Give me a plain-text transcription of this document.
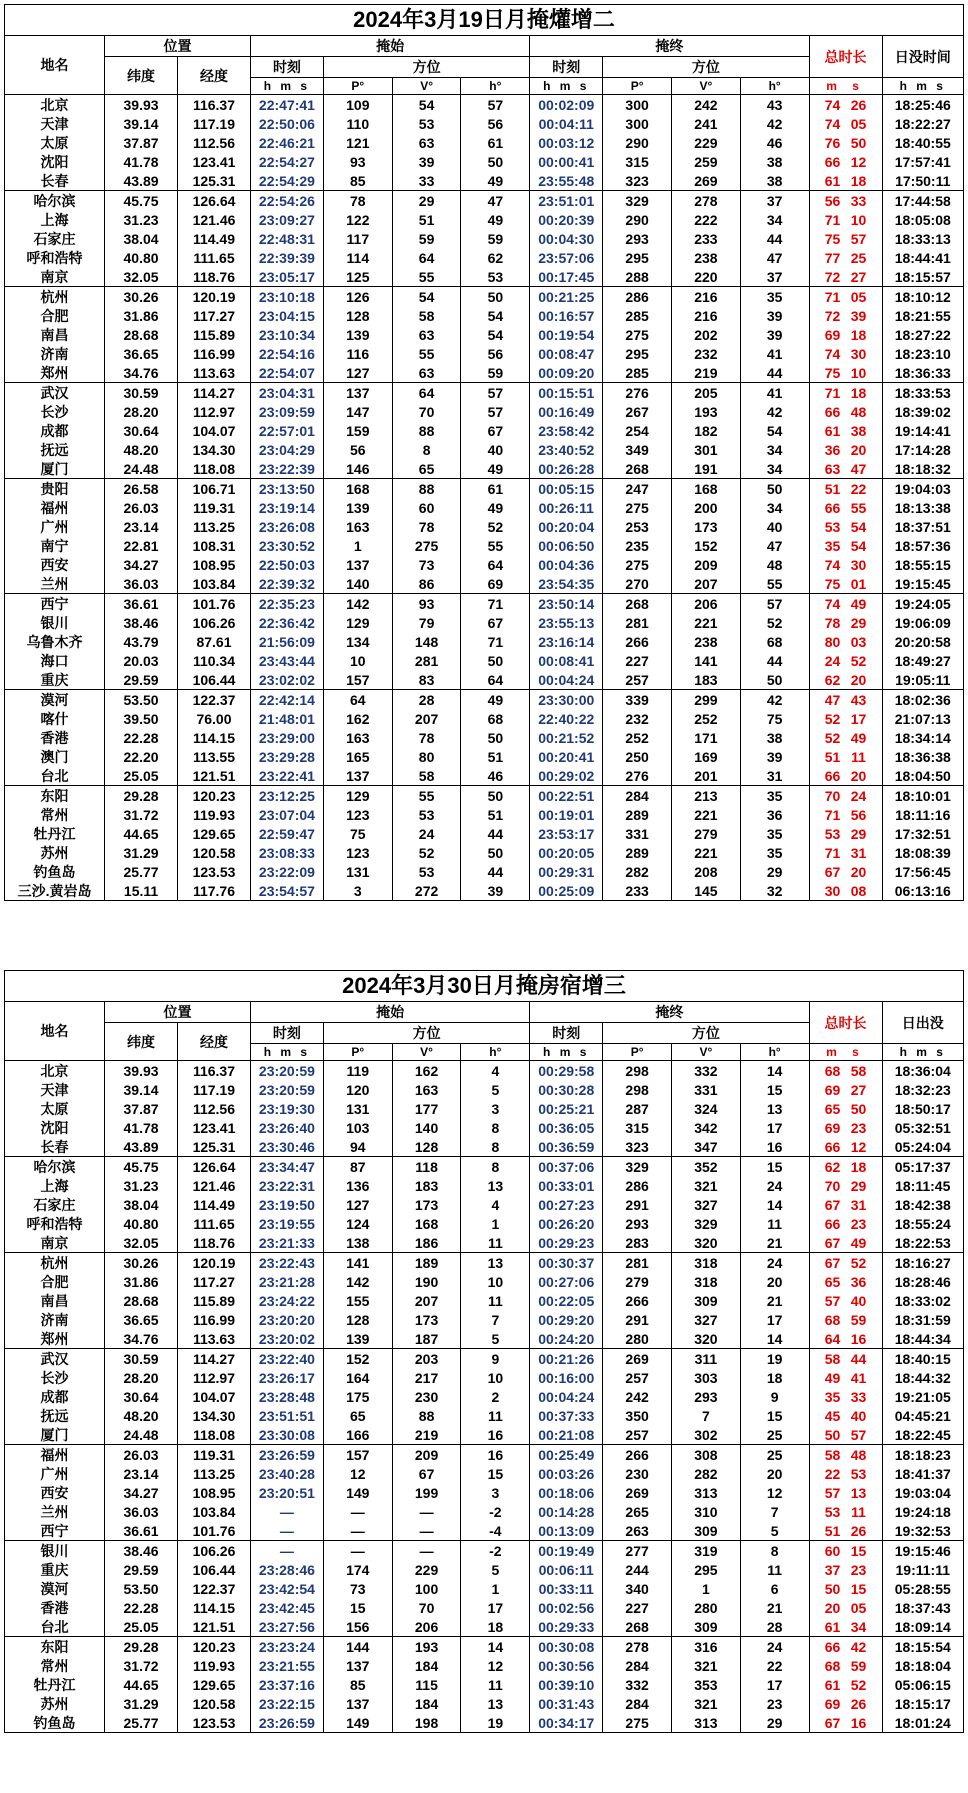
2024年3月19日月掩爟增二												
地名	位置		掩始				掩终				总时长	日没时间
	纬度	经度	时刻	方位			时刻	方位				
			h m s	P°	V°	h°	h m s	P°	V°	h°	m s	h m s
北京	39.93	116.37	22:47:41	109	54	57	00:02:09	300	242	43	74 26	18:25:46
天津	39.14	117.19	22:50:06	110	53	56	00:04:11	300	241	42	74 05	18:22:27
太原	37.87	112.56	22:46:21	121	63	61	00:03:12	290	229	46	76 50	18:40:55
沈阳	41.78	123.41	22:54:27	93	39	50	00:00:41	315	259	38	66 12	17:57:41
长春	43.89	125.31	22:54:29	85	33	49	23:55:48	323	269	38	61 18	17:50:11
哈尔滨	45.75	126.64	22:54:26	78	29	47	23:51:01	329	278	37	56 33	17:44:58
上海	31.23	121.46	23:09:27	122	51	49	00:20:39	290	222	34	71 10	18:05:08
石家庄	38.04	114.49	22:48:31	117	59	59	00:04:30	293	233	44	75 57	18:33:13
呼和浩特	40.80	111.65	22:39:39	114	64	62	23:57:06	295	238	47	77 25	18:44:41
南京	32.05	118.76	23:05:17	125	55	53	00:17:45	288	220	37	72 27	18:15:57
杭州	30.26	120.19	23:10:18	126	54	50	00:21:25	286	216	35	71 05	18:10:12
合肥	31.86	117.27	23:04:15	128	58	54	00:16:57	285	216	39	72 39	18:21:55
南昌	28.68	115.89	23:10:34	139	63	54	00:19:54	275	202	39	69 18	18:27:22
济南	36.65	116.99	22:54:16	116	55	56	00:08:47	295	232	41	74 30	18:23:10
郑州	34.76	113.63	22:54:07	127	63	59	00:09:20	285	219	44	75 10	18:36:33
武汉	30.59	114.27	23:04:31	137	64	57	00:15:51	276	205	41	71 18	18:33:53
长沙	28.20	112.97	23:09:59	147	70	57	00:16:49	267	193	42	66 48	18:39:02
成都	30.64	104.07	22:57:01	159	88	67	23:58:42	254	182	54	61 38	19:14:41
抚远	48.20	134.30	23:04:29	56	8	40	23:40:52	349	301	34	36 20	17:14:28
厦门	24.48	118.08	23:22:39	146	65	49	00:26:28	268	191	34	63 47	18:18:32
贵阳	26.58	106.71	23:13:50	168	88	61	00:05:15	247	168	50	51 22	19:04:03
福州	26.03	119.31	23:19:14	139	60	49	00:26:11	275	200	34	66 55	18:13:38
广州	23.14	113.25	23:26:08	163	78	52	00:20:04	253	173	40	53 54	18:37:51
南宁	22.81	108.31	23:30:52	1	275	55	00:06:50	235	152	47	35 54	18:57:36
西安	34.27	108.95	22:50:03	137	73	64	00:04:36	275	209	48	74 30	18:55:15
兰州	36.03	103.84	22:39:32	140	86	69	23:54:35	270	207	55	75 01	19:15:45
西宁	36.61	101.76	22:35:23	142	93	71	23:50:14	268	206	57	74 49	19:24:05
银川	38.46	106.26	22:36:42	129	79	67	23:55:13	281	221	52	78 29	19:06:09
乌鲁木齐	43.79	87.61	21:56:09	134	148	71	23:16:14	266	238	68	80 03	20:20:58
海口	20.03	110.34	23:43:44	10	281	50	00:08:41	227	141	44	24 52	18:49:27
重庆	29.59	106.44	23:02:02	157	83	64	00:04:24	257	183	50	62 20	19:05:11
漠河	53.50	122.37	22:42:14	64	28	49	23:30:00	339	299	42	47 43	18:02:36
喀什	39.50	76.00	21:48:01	162	207	68	22:40:22	232	252	75	52 17	21:07:13
香港	22.28	114.15	23:29:00	163	78	50	00:21:52	252	171	38	52 49	18:34:14
澳门	22.20	113.55	23:29:28	165	80	51	00:20:41	250	169	39	51 11	18:36:38
台北	25.05	121.51	23:22:41	137	58	46	00:29:02	276	201	31	66 20	18:04:50
东阳	29.28	120.23	23:12:25	129	55	50	00:22:51	284	213	35	70 24	18:10:01
常州	31.72	119.93	23:07:04	123	53	51	00:19:01	289	221	36	71 56	18:11:16
牡丹江	44.65	129.65	22:59:47	75	24	44	23:53:17	331	279	35	53 29	17:32:51
苏州	31.29	120.58	23:08:33	123	52	50	00:20:05	289	221	35	71 31	18:08:39
钓鱼岛	25.77	123.53	23:22:09	131	53	44	00:29:31	282	208	29	67 20	17:56:45
三沙.黄岩岛	15.11	117.76	23:54:57	3	272	39	00:25:09	233	145	32	30 08	06:13:16
2024年3月30日月掩房宿增三												
地名	位置		掩始				掩终				总时长	日出没
	纬度	经度	时刻	方位			时刻	方位				
			h m s	P°	V°	h°	h m s	P°	V°	h°	m s	h m s
北京	39.93	116.37	23:20:59	119	162	4	00:29:58	298	332	14	68 58	18:36:04
天津	39.14	117.19	23:20:59	120	163	5	00:30:28	298	331	15	69 27	18:32:23
太原	37.87	112.56	23:19:30	131	177	3	00:25:21	287	324	13	65 50	18:50:17
沈阳	41.78	123.41	23:26:40	103	140	8	00:36:05	315	342	17	69 23	05:32:51
长春	43.89	125.31	23:30:46	94	128	8	00:36:59	323	347	16	66 12	05:24:04
哈尔滨	45.75	126.64	23:34:47	87	118	8	00:37:06	329	352	15	62 18	05:17:37
上海	31.23	121.46	23:22:31	136	183	13	00:33:01	286	321	24	70 29	18:11:45
石家庄	38.04	114.49	23:19:50	127	173	4	00:27:23	291	327	14	67 31	18:42:38
呼和浩特	40.80	111.65	23:19:55	124	168	1	00:26:20	293	329	11	66 23	18:55:24
南京	32.05	118.76	23:21:33	138	186	11	00:29:23	283	320	21	67 49	18:22:53
杭州	30.26	120.19	23:22:43	141	189	13	00:30:37	281	318	24	67 52	18:16:27
合肥	31.86	117.27	23:21:28	142	190	10	00:27:06	279	318	20	65 36	18:28:46
南昌	28.68	115.89	23:24:22	155	207	11	00:22:05	266	309	21	57 40	18:33:02
济南	36.65	116.99	23:20:20	128	173	7	00:29:20	291	327	17	68 59	18:31:59
郑州	34.76	113.63	23:20:02	139	187	5	00:24:20	280	320	14	64 16	18:44:34
武汉	30.59	114.27	23:22:40	152	203	9	00:21:26	269	311	19	58 44	18:40:15
长沙	28.20	112.97	23:26:17	164	217	10	00:16:00	257	303	18	49 41	18:44:32
成都	30.64	104.07	23:28:48	175	230	2	00:04:24	242	293	9	35 33	19:21:05
抚远	48.20	134.30	23:51:51	65	88	11	00:37:33	350	7	15	45 40	04:45:21
厦门	24.48	118.08	23:30:08	166	219	16	00:21:08	257	302	25	50 57	18:22:45
福州	26.03	119.31	23:26:59	157	209	16	00:25:49	266	308	25	58 48	18:18:23
广州	23.14	113.25	23:40:28	12	67	15	00:03:26	230	282	20	22 53	18:41:37
西安	34.27	108.95	23:20:51	149	199	3	00:18:06	269	313	12	57 13	19:03:04
兰州	36.03	103.84	—	—	—	-2	00:14:28	265	310	7	53 11	19:24:18
西宁	36.61	101.76	—	—	—	-4	00:13:09	263	309	5	51 26	19:32:53
银川	38.46	106.26	—	—	—	-2	00:19:49	277	319	8	60 15	19:15:46
重庆	29.59	106.44	23:28:46	174	229	5	00:06:11	244	295	11	37 23	19:11:11
漠河	53.50	122.37	23:42:54	73	100	1	00:33:11	340	1	6	50 15	05:28:55
香港	22.28	114.15	23:42:45	15	70	17	00:02:56	227	280	21	20 05	18:37:43
台北	25.05	121.51	23:27:56	156	206	18	00:29:33	268	309	28	61 34	18:09:14
东阳	29.28	120.23	23:23:24	144	193	14	00:30:08	278	316	24	66 42	18:15:54
常州	31.72	119.93	23:21:55	137	184	12	00:30:56	284	321	22	68 59	18:18:04
牡丹江	44.65	129.65	23:37:16	85	115	11	00:39:10	332	353	17	61 52	05:06:15
苏州	31.29	120.58	23:22:15	137	184	13	00:31:43	284	321	23	69 26	18:15:17
钓鱼岛	25.77	123.53	23:26:59	149	198	19	00:34:17	275	313	29	67 16	18:01:24
